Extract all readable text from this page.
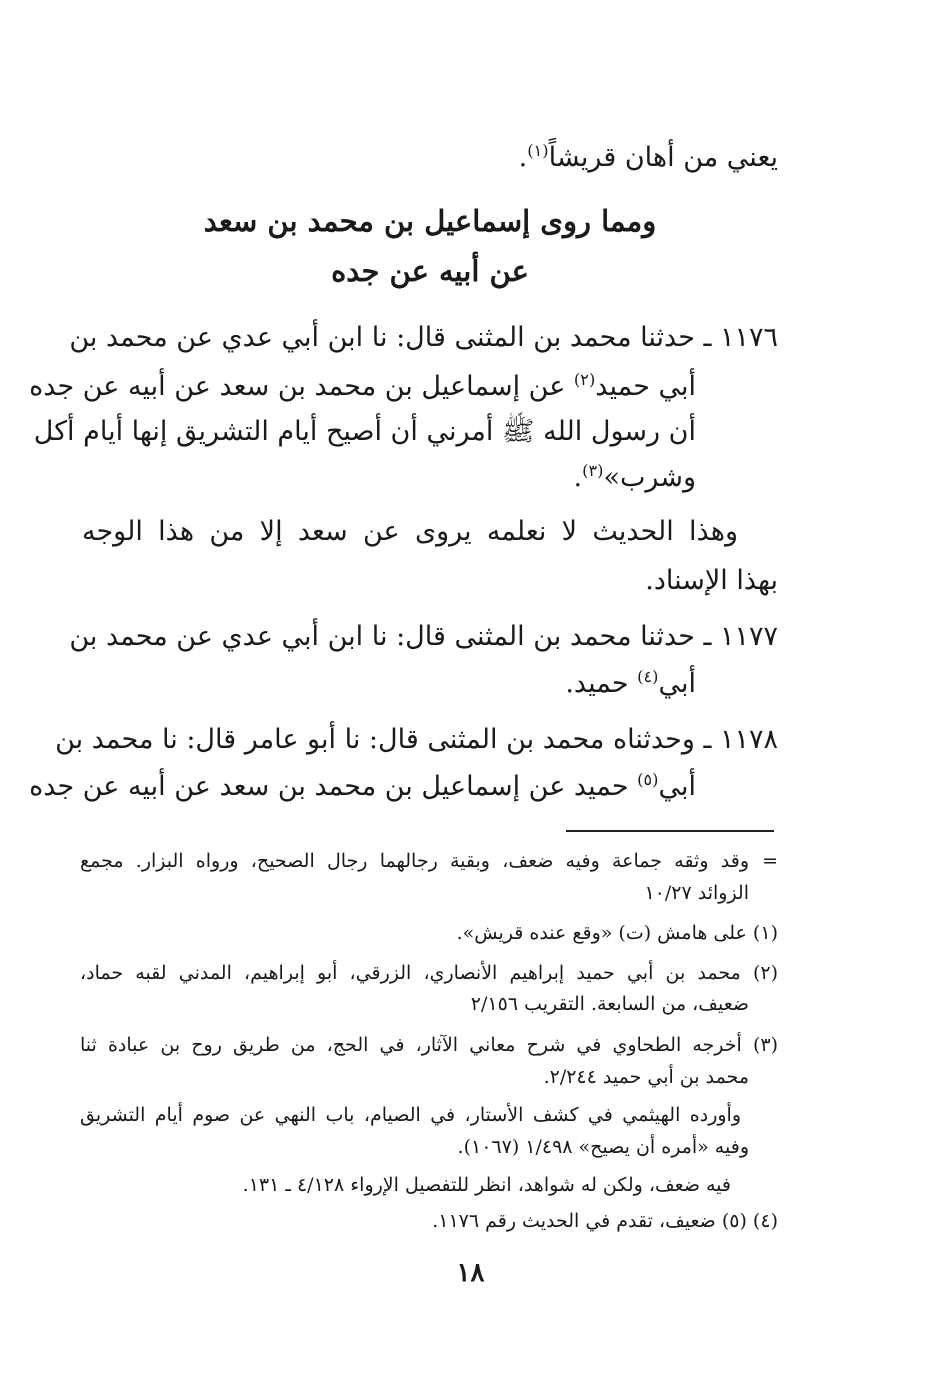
يعني من أهان قريشاً$^{(١)}$.
ومما روى إسماعيل بن محمد بن سعد
عن أبيه عن جده
١١٧٦ ـ حدثنا محمد بن المثنى قال: نا ابن أبي عدي عن محمد بن
أبي حميد$^{(٢)}$ عن إسماعيل بن محمد بن سعد عن أبيه عن جده
أن رسول الله ﷺ أمرني أن أصيح أيام التشريق إنها أيام أكل
وشرب»$^{(٣)}$.
وهذا الحديث لا نعلمه يروى عن سعد إلا من هذا الوجه
بهذا الإسناد.
١١٧٧ ـ حدثنا محمد بن المثنى قال: نا ابن أبي عدي عن محمد بن
أبي$^{(٤)}$ حميد.
١١٧٨ ـ وحدثناه محمد بن المثنى قال: نا أبو عامر قال: نا محمد بن
أبي$^{(٥)}$ حميد عن إسماعيل بن محمد بن سعد عن أبيه عن جده
=
وقد وثقه جماعة وفيه ضعف، وبقية رجالهما رجال الصحيح، ورواه البزار. مجمع
الزوائد ١٠/٢٧
(١) على هامش (ت) «وقع عنده قريش».
(٢) محمد بن أبي حميد إبراهيم الأنصاري، الزرقي، أبو إبراهيم، المدني لقبه حماد،
ضعيف، من السابعة. التقريب ٢/١٥٦
(٣) أخرجه الطحاوي في شرح معاني الآثار، في الحج، من طريق روح بن عبادة ثنا
محمد بن أبي حميد ٢/٢٤٤.
وأورده الهيثمي في كشف الأستار، في الصيام، باب النهي عن صوم أيام التشريق
وفيه «أمره أن يصيح» ١/٤٩٨ (١٠٦٧).
فيه ضعف، ولكن له شواهد، انظر للتفصيل الإرواء ٤/١٢٨ ـ ١٣١.
(٤) (٥) ضعيف، تقدم في الحديث رقم ١١٧٦.
١٨
